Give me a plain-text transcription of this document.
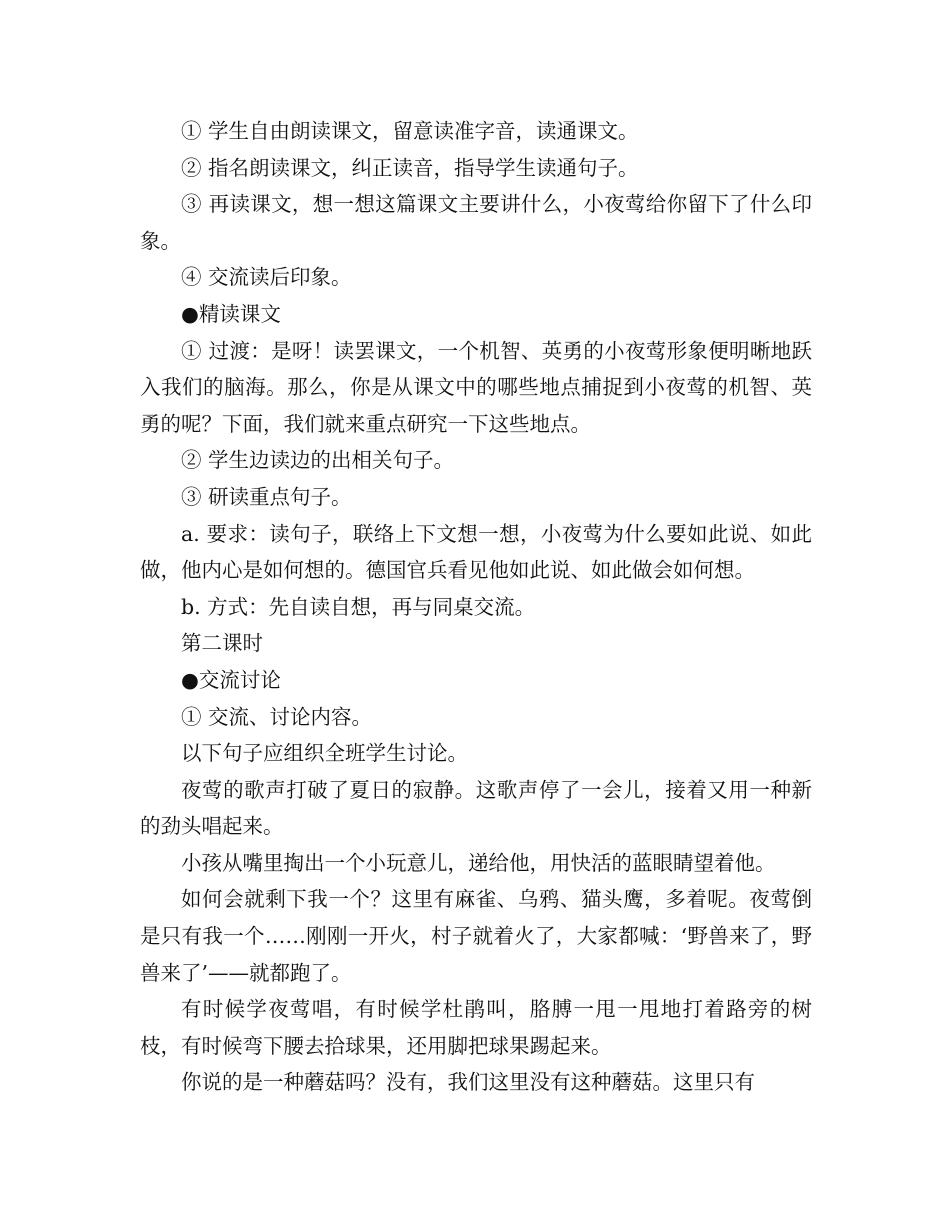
① 学生自由朗读课文，留意读准字音，读通课文。

② 指名朗读课文，纠正读音，指导学生读通句子。

③ 再读课文，想一想这篇课文主要讲什么，小夜莺给你留下了什么印象。

④ 交流读后印象。

●精读课文

① 过渡：是呀！读罢课文，一个机智、英勇的小夜莺形象便明晰地跃入我们的脑海。那么，你是从课文中的哪些地点捕捉到小夜莺的机智、英勇的呢？下面，我们就来重点研究一下这些地点。

② 学生边读边的出相关句子。

③ 研读重点句子。

a. 要求：读句子，联络上下文想一想，小夜莺为什么要如此说、如此做，他内心是如何想的。德国官兵看见他如此说、如此做会如何想。

b. 方式：先自读自想，再与同桌交流。

第二课时

●交流讨论

① 交流、讨论内容。

以下句子应组织全班学生讨论。

夜莺的歌声打破了夏日的寂静。这歌声停了一会儿，接着又用一种新的劲头唱起来。

小孩从嘴里掏出一个小玩意儿，递给他，用快活的蓝眼睛望着他。

如何会就剩下我一个？这里有麻雀、乌鸦、猫头鹰，多着呢。夜莺倒是只有我一个……刚刚一开火，村子就着火了，大家都喊：‘野兽来了，野兽来了’——就都跑了。

有时候学夜莺唱，有时候学杜鹃叫，胳膊一甩一甩地打着路旁的树枝，有时候弯下腰去拾球果，还用脚把球果踢起来。

你说的是一种蘑菇吗？没有，我们这里没有这种蘑菇。这里只有
